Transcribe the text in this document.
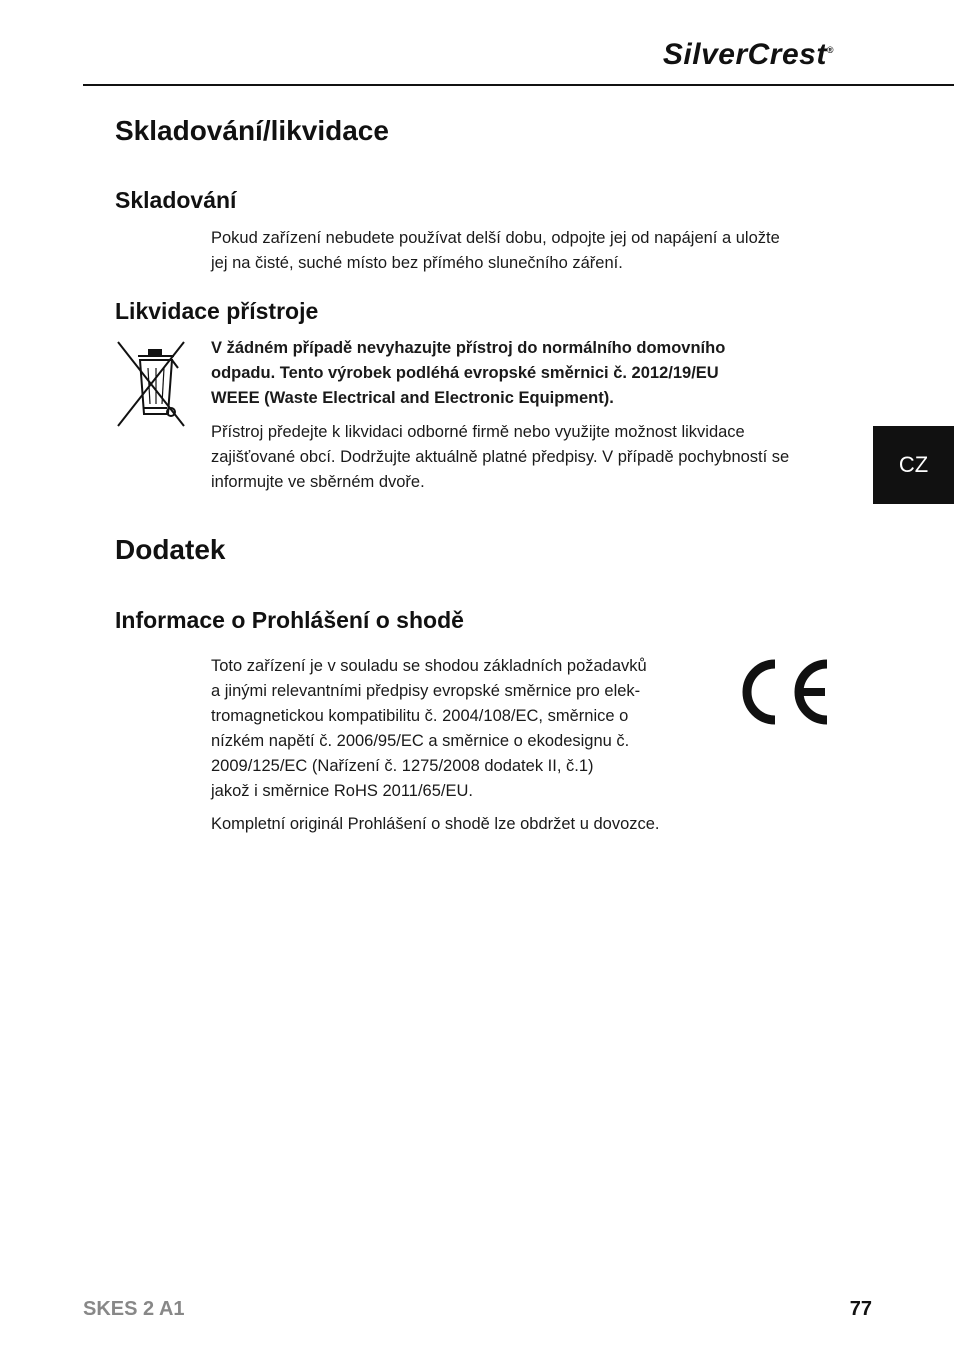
SilverCrest®
CZ
Skladování/likvidace
Skladování
Pokud zařízení nebudete používat delší dobu, odpojte jej od napájení a uložte
jej na čisté, suché místo bez přímého slunečního záření.
Likvidace přístroje
V žádném případě nevyhazujte přístroj do normálního domovního
odpadu. Tento výrobek podléhá evropské směrnici č. 2012/19/EU
WEEE (Waste Electrical and Electronic Equipment).
Přístroj předejte k likvidaci odborné firmě nebo využijte možnost likvidace
zajišťované obcí. Dodržujte aktuálně platné předpisy. V případě pochybností se
informujte ve sběrném dvoře.
Dodatek
Informace o Prohlášení o shodě
Toto zařízení je v souladu se shodou základních požadavků
a jinými relevantními předpisy evropské směrnice pro elek-
tromagnetickou kompatibilitu č. 2004/108/EC, směrnice o
nízkém napětí č. 2006/95/EC a směrnice o ekodesignu č.
2009/125/EC (Nařízení č. 1275/2008 dodatek II, č.1)
jakož i směrnice RoHS 2011/65/EU.
Kompletní originál Prohlášení o shodě lze obdržet u dovozce.
SKES 2 A1	77
